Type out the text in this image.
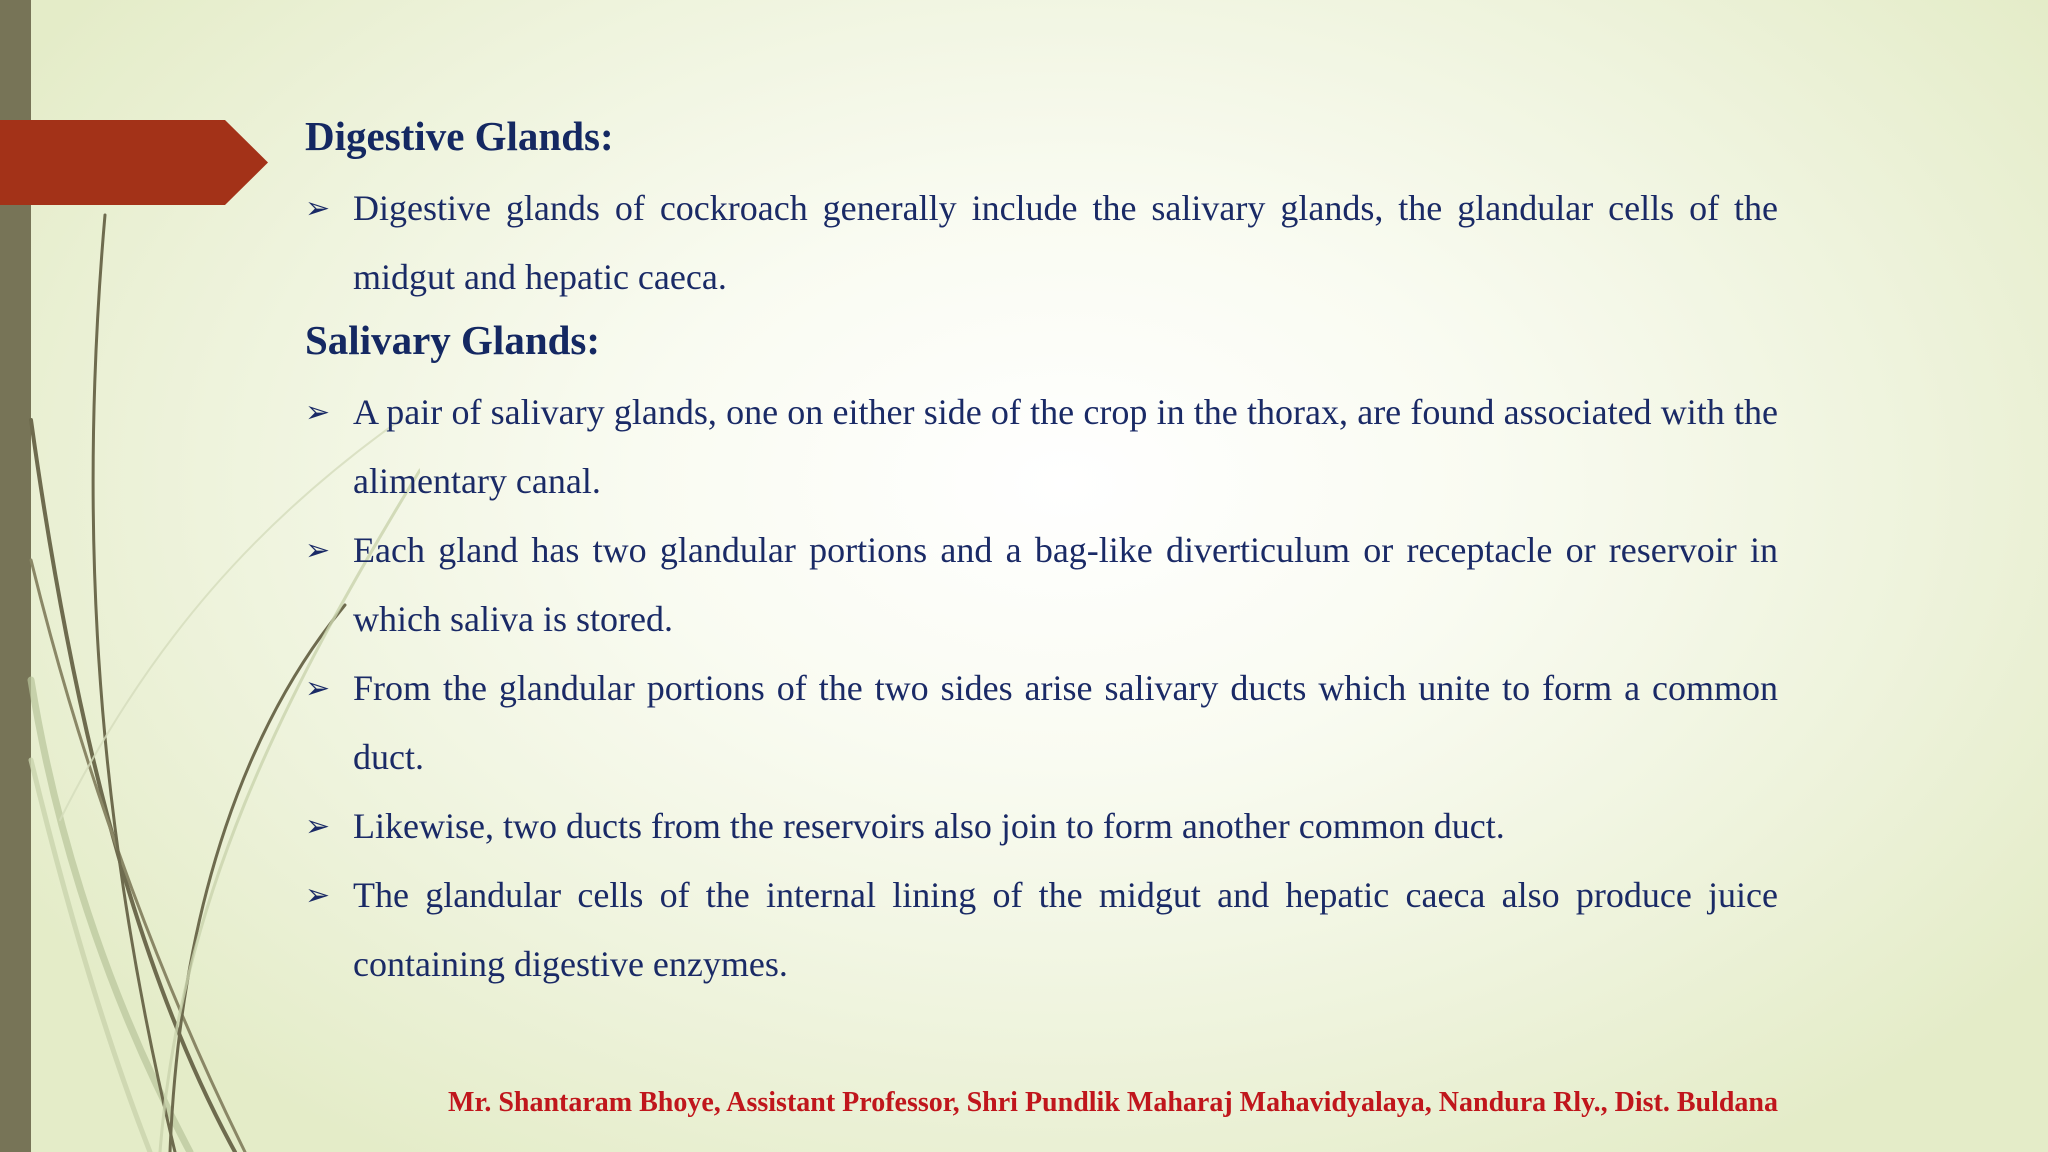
Digestive Glands:

➢ Digestive glands of cockroach generally include the salivary glands, the glandular cells of the midgut and hepatic caeca.

Salivary Glands:

➢ A pair of salivary glands, one on either side of the crop in the thorax, are found associated with the alimentary canal.

➢ Each gland has two glandular portions and a bag-like diverticulum or receptacle or reservoir in which saliva is stored.

➢ From the glandular portions of the two sides arise salivary ducts which unite to form a common duct.

➢ Likewise, two ducts from the reservoirs also join to form another common duct.

➢ The glandular cells of the internal lining of the midgut and hepatic caeca also produce juice containing digestive enzymes.

Mr. Shantaram Bhoye, Assistant Professor, Shri Pundlik Maharaj Mahavidyalaya, Nandura Rly., Dist. Buldana
